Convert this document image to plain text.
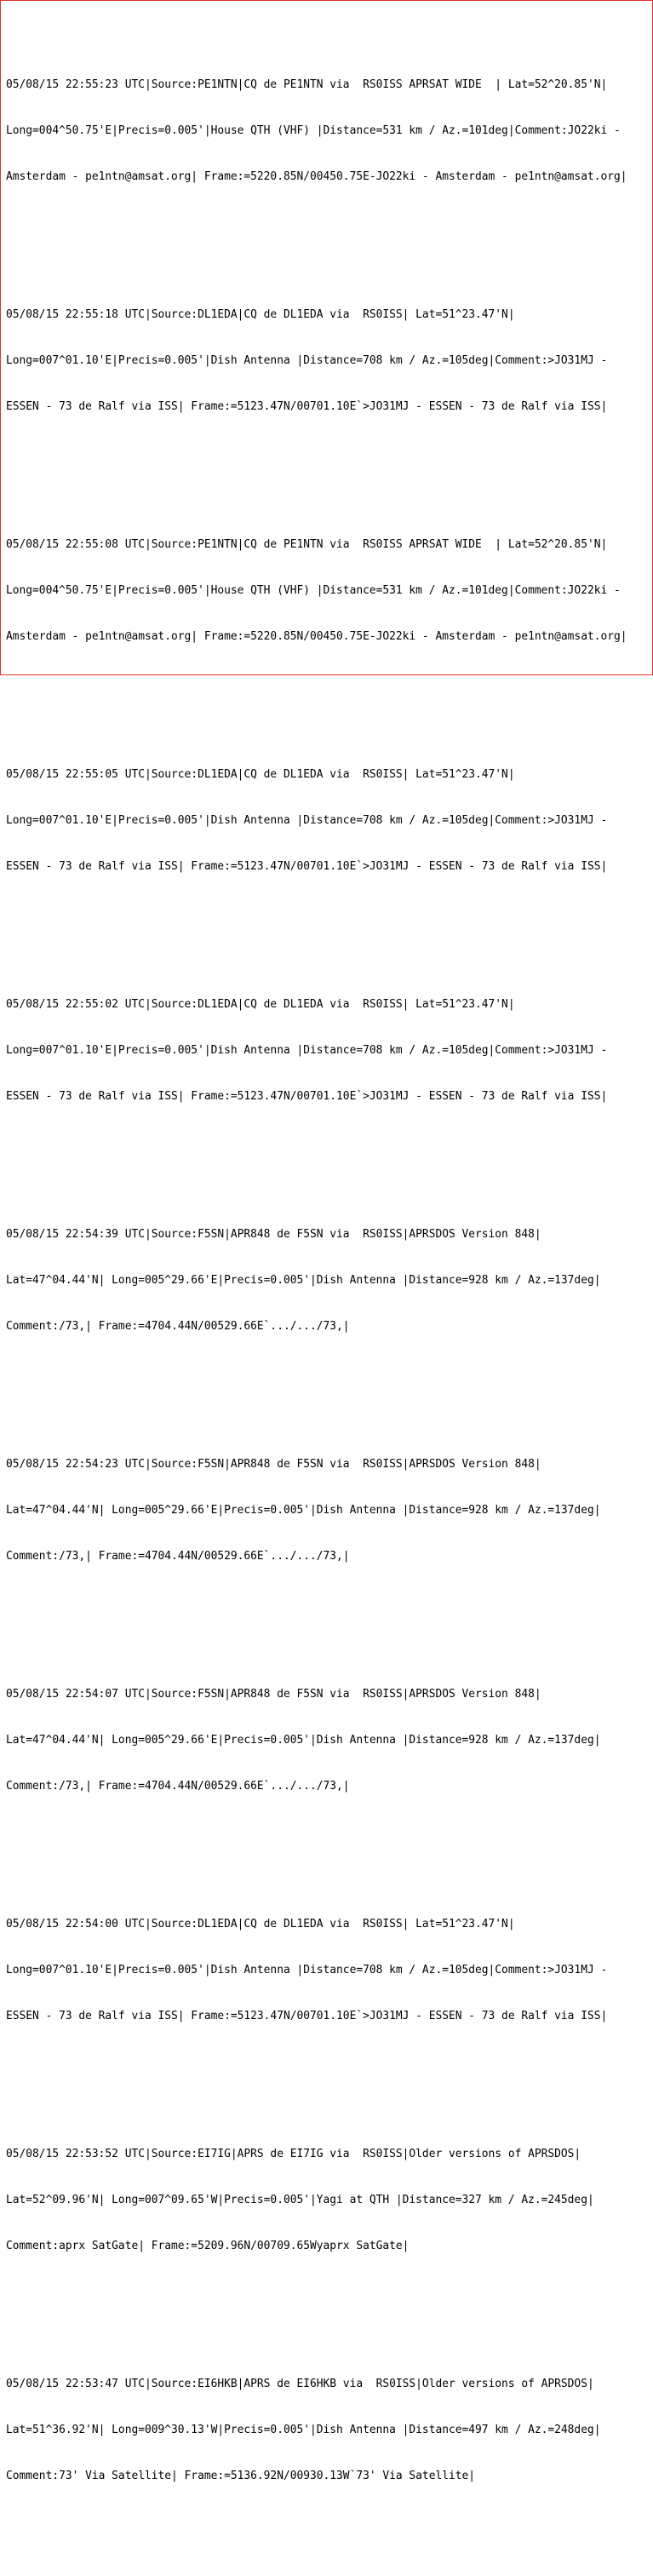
05/08/15 22:55:23 UTC|Source:PE1NTN|CQ de PE1NTN via  RS0ISS APRSAT WIDE  | Lat=52^20.85'N|

Long=004^50.75'E|Precis=0.005'|House QTH (VHF) |Distance=531 km / Az.=101deg|Comment:JO22ki -

Amsterdam - pe1ntn@amsat.org| Frame:=5220.85N/00450.75E-JO22ki - Amsterdam - pe1ntn@amsat.org|

05/08/15 22:55:18 UTC|Source:DL1EDA|CQ de DL1EDA via  RS0ISS| Lat=51^23.47'N|

Long=007^01.10'E|Precis=0.005'|Dish Antenna |Distance=708 km / Az.=105deg|Comment:>JO31MJ -

ESSEN - 73 de Ralf via ISS| Frame:=5123.47N/00701.10E`>JO31MJ - ESSEN - 73 de Ralf via ISS|

05/08/15 22:55:08 UTC|Source:PE1NTN|CQ de PE1NTN via  RS0ISS APRSAT WIDE  | Lat=52^20.85'N|

Long=004^50.75'E|Precis=0.005'|House QTH (VHF) |Distance=531 km / Az.=101deg|Comment:JO22ki -

Amsterdam - pe1ntn@amsat.org| Frame:=5220.85N/00450.75E-JO22ki - Amsterdam - pe1ntn@amsat.org|

05/08/15 22:55:05 UTC|Source:DL1EDA|CQ de DL1EDA via  RS0ISS| Lat=51^23.47'N|

Long=007^01.10'E|Precis=0.005'|Dish Antenna |Distance=708 km / Az.=105deg|Comment:>JO31MJ -

ESSEN - 73 de Ralf via ISS| Frame:=5123.47N/00701.10E`>JO31MJ - ESSEN - 73 de Ralf via ISS|

05/08/15 22:55:02 UTC|Source:DL1EDA|CQ de DL1EDA via  RS0ISS| Lat=51^23.47'N|

Long=007^01.10'E|Precis=0.005'|Dish Antenna |Distance=708 km / Az.=105deg|Comment:>JO31MJ -

ESSEN - 73 de Ralf via ISS| Frame:=5123.47N/00701.10E`>JO31MJ - ESSEN - 73 de Ralf via ISS|

05/08/15 22:54:39 UTC|Source:F5SN|APR848 de F5SN via  RS0ISS|APRSDOS Version 848|

Lat=47^04.44'N| Long=005^29.66'E|Precis=0.005'|Dish Antenna |Distance=928 km / Az.=137deg|

Comment:/73,| Frame:=4704.44N/00529.66E`.../.../73,|

05/08/15 22:54:23 UTC|Source:F5SN|APR848 de F5SN via  RS0ISS|APRSDOS Version 848|

Lat=47^04.44'N| Long=005^29.66'E|Precis=0.005'|Dish Antenna |Distance=928 km / Az.=137deg|

Comment:/73,| Frame:=4704.44N/00529.66E`.../.../73,|

05/08/15 22:54:07 UTC|Source:F5SN|APR848 de F5SN via  RS0ISS|APRSDOS Version 848|

Lat=47^04.44'N| Long=005^29.66'E|Precis=0.005'|Dish Antenna |Distance=928 km / Az.=137deg|

Comment:/73,| Frame:=4704.44N/00529.66E`.../.../73,|

05/08/15 22:54:00 UTC|Source:DL1EDA|CQ de DL1EDA via  RS0ISS| Lat=51^23.47'N|

Long=007^01.10'E|Precis=0.005'|Dish Antenna |Distance=708 km / Az.=105deg|Comment:>JO31MJ -

ESSEN - 73 de Ralf via ISS| Frame:=5123.47N/00701.10E`>JO31MJ - ESSEN - 73 de Ralf via ISS|

05/08/15 22:53:52 UTC|Source:EI7IG|APRS de EI7IG via  RS0ISS|Older versions of APRSDOS|

Lat=52^09.96'N| Long=007^09.65'W|Precis=0.005'|Yagi at QTH |Distance=327 km / Az.=245deg|

Comment:aprx SatGate| Frame:=5209.96N/00709.65Wyaprx SatGate|

05/08/15 22:53:47 UTC|Source:EI6HKB|APRS de EI6HKB via  RS0ISS|Older versions of APRSDOS|

Lat=51^36.92'N| Long=009^30.13'W|Precis=0.005'|Dish Antenna |Distance=497 km / Az.=248deg|

Comment:73' Via Satellite| Frame:=5136.92N/00930.13W`73' Via Satellite|
